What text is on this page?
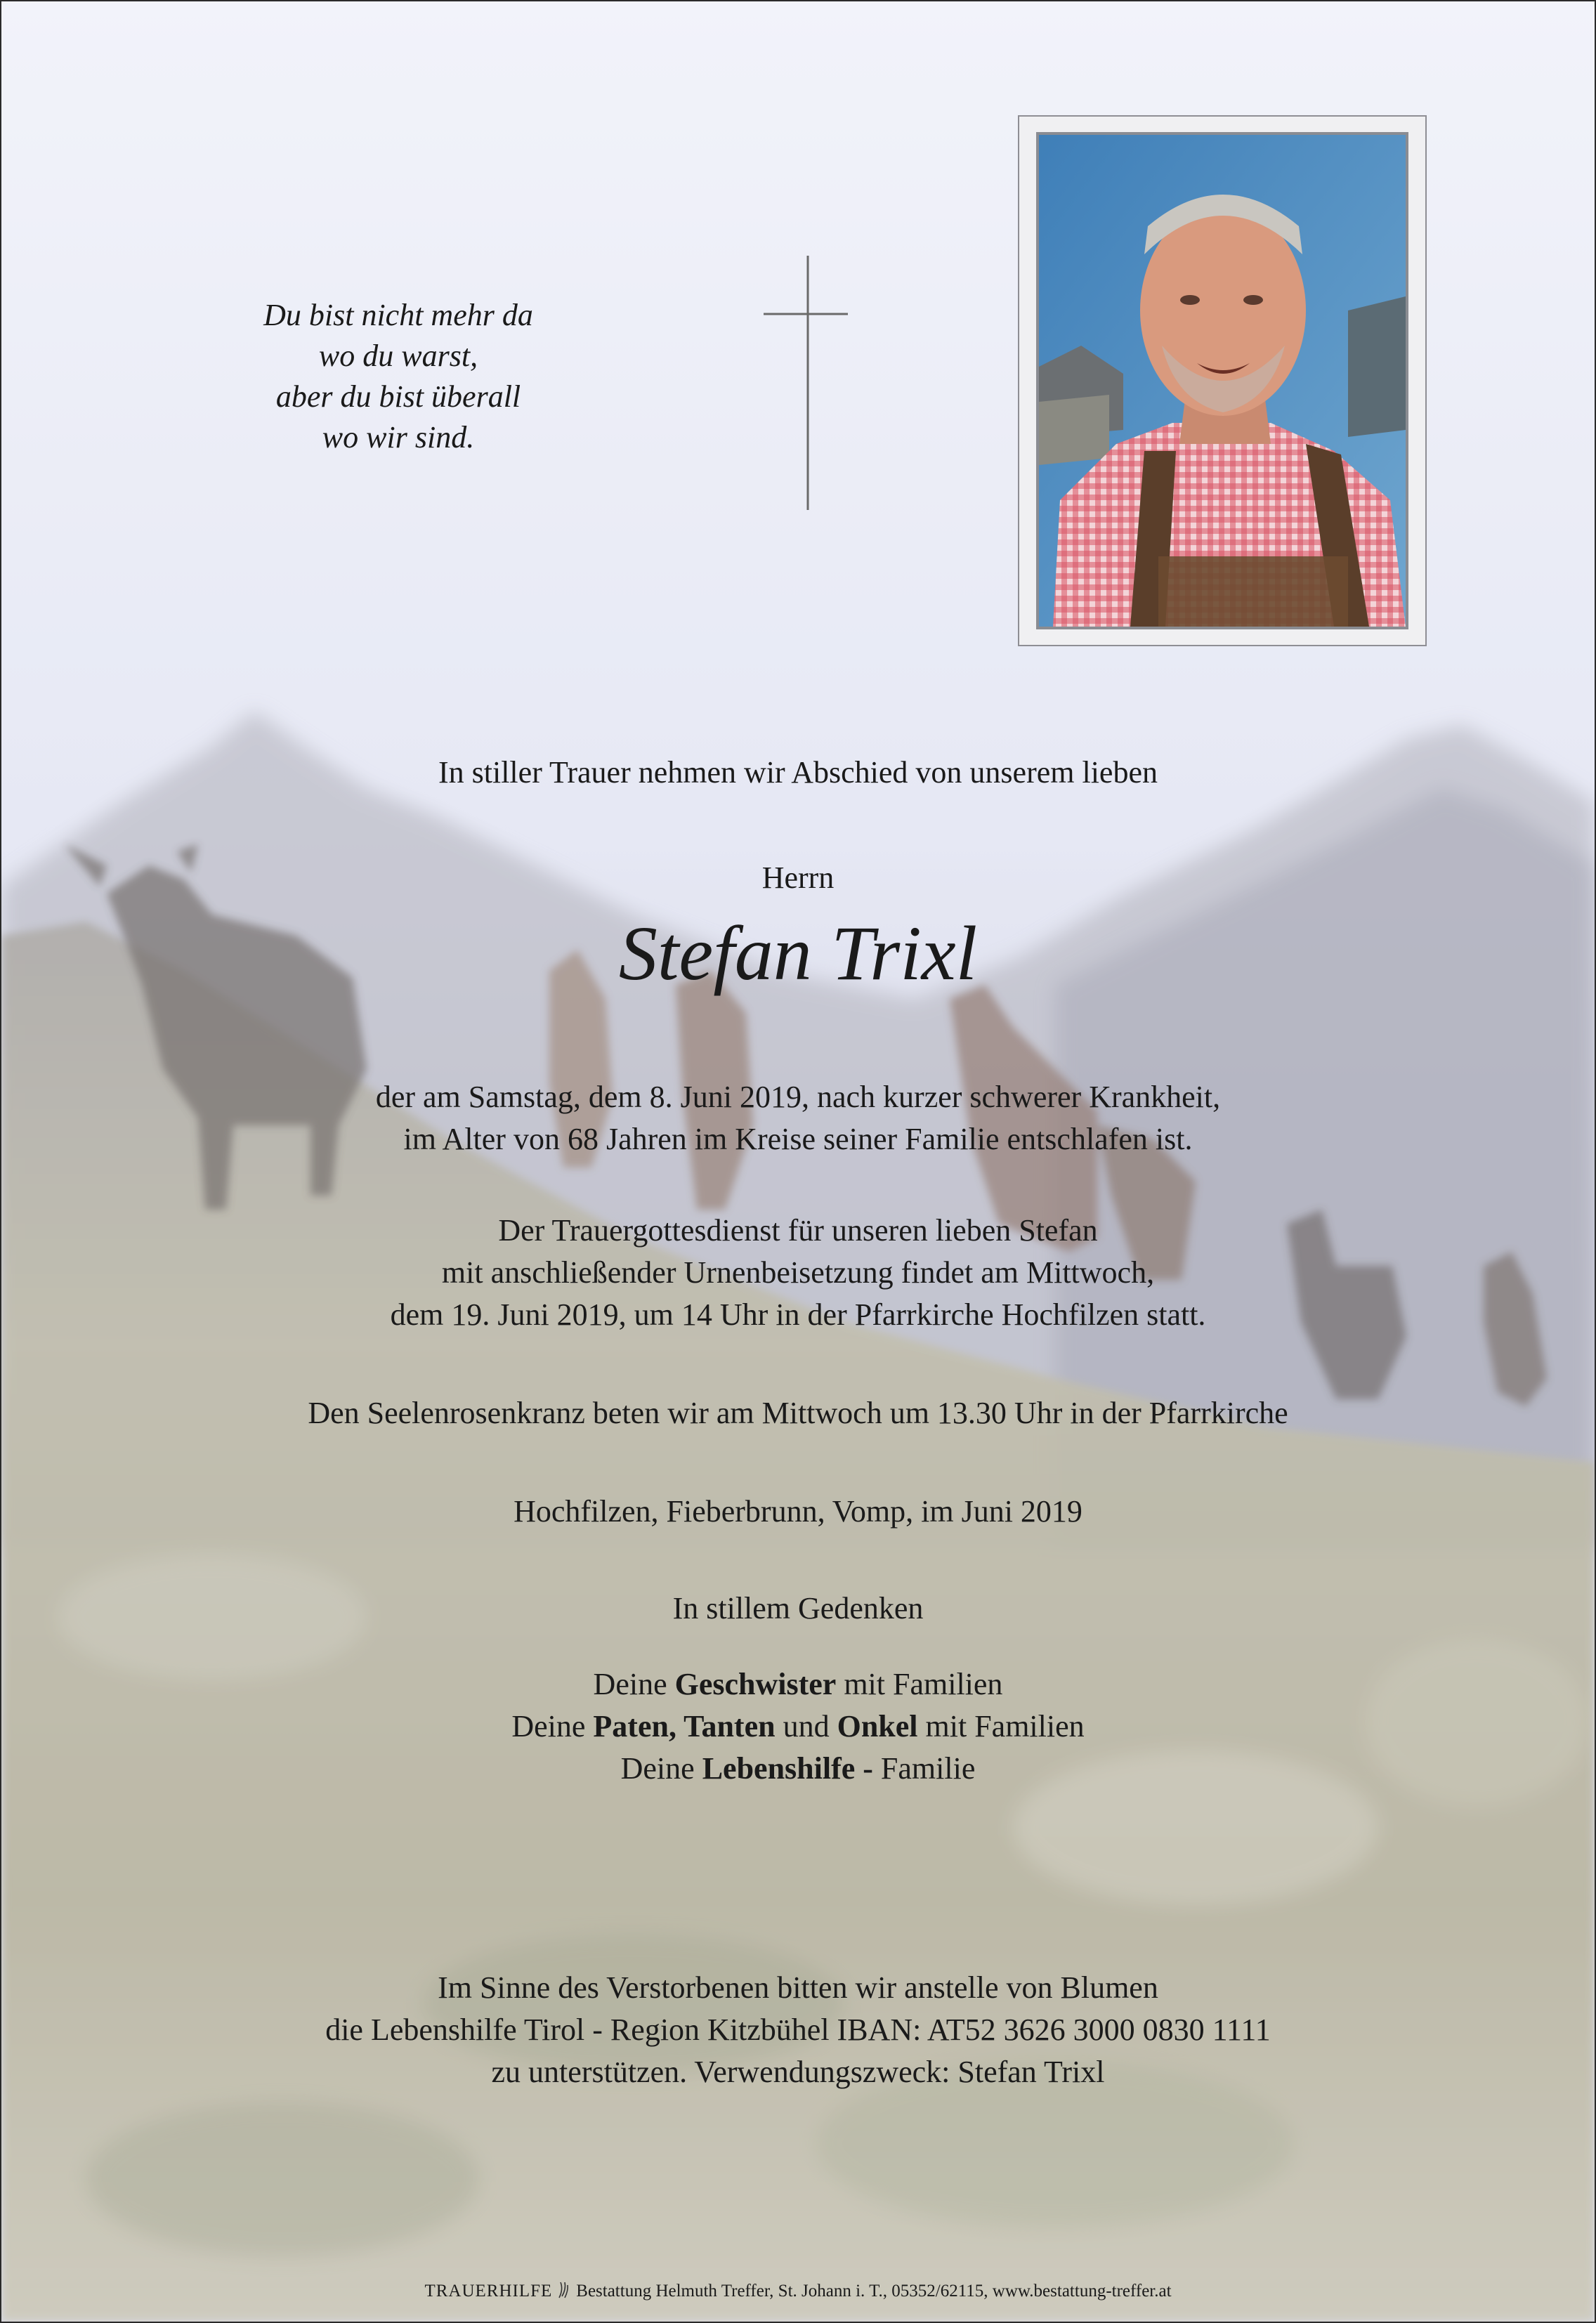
Du bist nicht mehr da
wo du warst,
aber du bist überall
wo wir sind.
In stiller Trauer nehmen wir Abschied von unserem lieben
Herrn
Stefan Trixl
der am Samstag, dem 8. Juni 2019, nach kurzer schwerer Krankheit,
im Alter von 68 Jahren im Kreise seiner Familie entschlafen ist.
Der Trauergottesdienst für unseren lieben Stefan
mit anschließender Urnenbeisetzung findet am Mittwoch,
dem 19. Juni 2019, um 14 Uhr in der Pfarrkirche Hochfilzen statt.
Den Seelenrosenkranz beten wir am Mittwoch um 13.30 Uhr in der Pfarrkirche
Hochfilzen, Fieberbrunn, Vomp, im Juni 2019
In stillem Gedenken
Deine Geschwister mit Familien
Deine Paten, Tanten und Onkel mit Familien
Deine Lebenshilfe - Familie
Im Sinne des Verstorbenen bitten wir anstelle von Blumen
die Lebenshilfe Tirol - Region Kitzbühel IBAN: AT52 3626 3000 0830 1111
zu unterstützen. Verwendungszweck: Stefan Trixl
TRAUERHILFE Bestattung Helmuth Treffer, St. Johann i. T., 05352/62115, www.bestattung-treffer.at
